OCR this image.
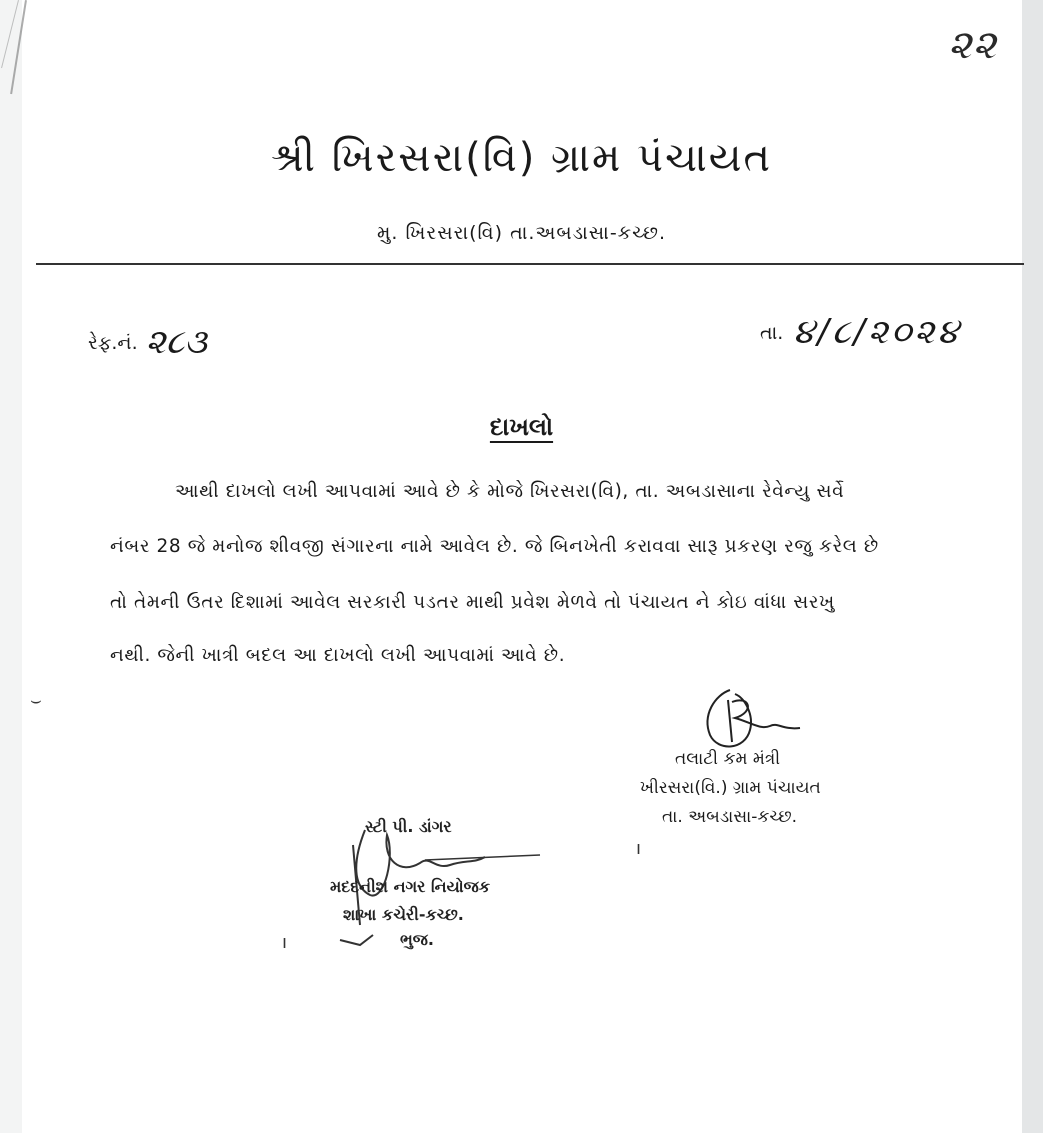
૨૨
શ્રી ખિરસરા(વિ) ગ્રામ પંચાયત
મુ. ખિરસરા(વિ) તા.અબડાસા-કચ્છ.
રેફ.નં. ૨૮૩	તા. ૪/૮/૨૦૨૪
દાખલો
આથી દાખલો લખી આપવામાં આવે છે કે મોજે ખિરસરા(વિ), તા. અબડાસાના રેવેન્યુ સર્વે
નંબર 28 જે મનોજ શીવજી સંગારના નામે આવેલ છે. જે બિનખેતી કરાવવા સારૂ પ્રકરણ રજુ કરેલ છે
તો તેમની ઉતર દિશામાં આવેલ સરકારી પડતર માથી પ્રવેશ મેળવે તો પંચાયત ને કોઇ વાંધા સરખુ
નથી. જેની ખાત્રી બદલ આ દાખલો લખી આપવામાં આવે છે.
તલાટી કમ મંત્રી
ખીરસરા(વિ.) ગ્રામ પંચાયત
તા. અબડાસા-કચ્છ.
સ્ટી પી. ડાંગર
મદદનીશ નગર નિયોજક
શાખા કચેરી-કચ્છ.
ભુજ.
ı
ı
⌣
